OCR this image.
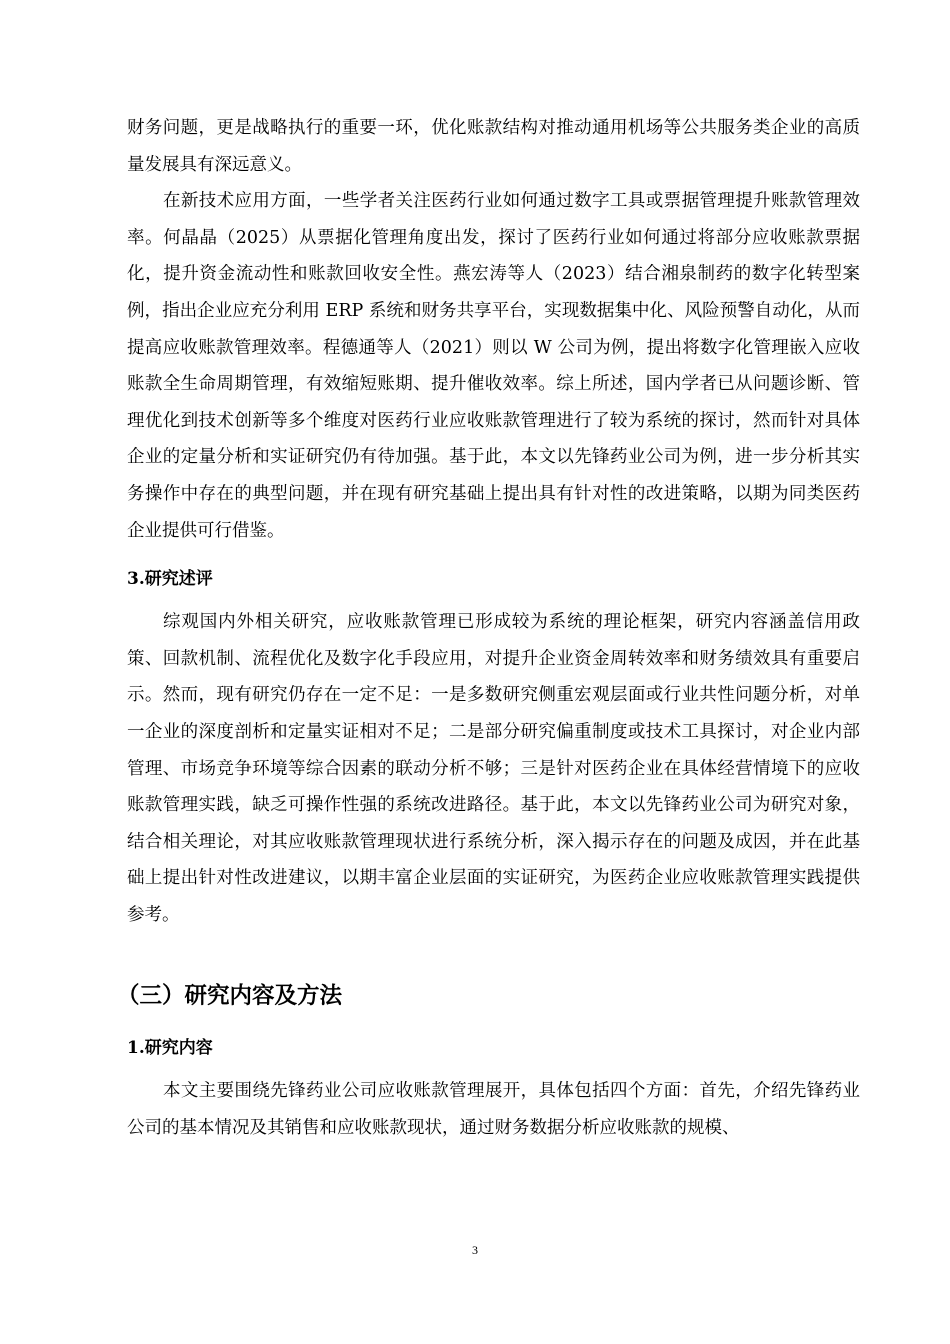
财务问题，更是战略执行的重要一环，优化账款结构对推动通用机场等公共服务类企业的高质量发展具有深远意义。

在新技术应用方面，一些学者关注医药行业如何通过数字工具或票据管理提升账款管理效率。何晶晶（2025）从票据化管理角度出发，探讨了医药行业如何通过将部分应收账款票据化，提升资金流动性和账款回收安全性。燕宏涛等人（2023）结合湘泉制药的数字化转型案例，指出企业应充分利用 ERP 系统和财务共享平台，实现数据集中化、风险预警自动化，从而提高应收账款管理效率。程德通等人（2021）则以 W 公司为例，提出将数字化管理嵌入应收账款全生命周期管理，有效缩短账期、提升催收效率。综上所述，国内学者已从问题诊断、管理优化到技术创新等多个维度对医药行业应收账款管理进行了较为系统的探讨，然而针对具体企业的定量分析和实证研究仍有待加强。基于此，本文以先锋药业公司为例，进一步分析其实务操作中存在的典型问题，并在现有研究基础上提出具有针对性的改进策略，以期为同类医药企业提供可行借鉴。

3.研究述评

综观国内外相关研究，应收账款管理已形成较为系统的理论框架，研究内容涵盖信用政策、回款机制、流程优化及数字化手段应用，对提升企业资金周转效率和财务绩效具有重要启示。然而，现有研究仍存在一定不足：一是多数研究侧重宏观层面或行业共性问题分析，对单一企业的深度剖析和定量实证相对不足；二是部分研究偏重制度或技术工具探讨，对企业内部管理、市场竞争环境等综合因素的联动分析不够；三是针对医药企业在具体经营情境下的应收账款管理实践，缺乏可操作性强的系统改进路径。基于此，本文以先锋药业公司为研究对象，结合相关理论，对其应收账款管理现状进行系统分析，深入揭示存在的问题及成因，并在此基础上提出针对性改进建议，以期丰富企业层面的实证研究，为医药企业应收账款管理实践提供参考。

（三）研究内容及方法
1.研究内容

本文主要围绕先锋药业公司应收账款管理展开，具体包括四个方面：首先，介绍先锋药业公司的基本情况及其销售和应收账款现状，通过财务数据分析应收账款的规模、

3
